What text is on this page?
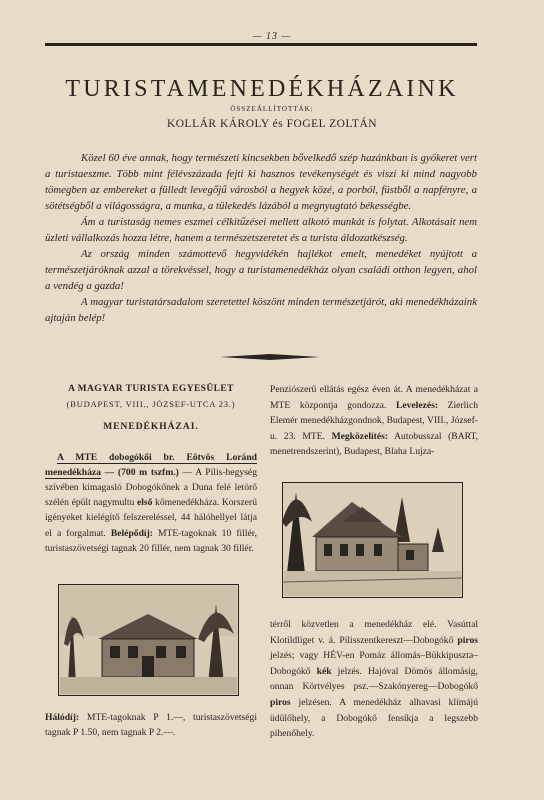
— 13 —
TURISTAMENEDÉKHÁZAINK
ÖSSZEÁLLÍTOTTÁK:
KOLLÁR KÁROLY és FOGEL ZOLTÁN

Közel 60 éve annak, hogy természeti kincsekben bővelkedő szép hazánkban is gyökeret vert a turistaeszme. Több mint félévszázada fejti ki hasznos tevékenységét és viszi ki mind nagyobb tömegben az embereket a fülledt levegőjű városból a hegyek közé, a porból, füstből a napfényre, a sötétségből a világosságra, a munka, a tülekedés lázából a megnyugtató békességbe.

Ám a turistaság nemes eszmei célkitűzései mellett alkotó munkát is folytat. Alkotásait nem üzleti vállalkozás hozza létre, hanem a természetszeretet és a turista áldozatkészség.

Az ország minden számottevő hegyvidékén hajlékot emelt, menedéket nyújtott a természetjáróknak azzal a törekvéssel, hogy a turistamenedékház olyan családi otthon legyen, ahol a vendég a gazda!

A magyar turistatársadalom szeretettel köszönt minden természetjárót, aki menedékházaink ajtaján belép!

A MAGYAR TURISTA EGYESÜLET
(BUDAPEST, VIII., JÓZSEF-UTCA 23.)
MENEDÉKHÁZAI.

A MTE dobogókői br. Eötvös Loránd menedékháza — (700 m tszfm.) — A Pilis-hegység szívében kimagasló Dobogókőnek a Duna felé letörő szélén épült nagymultu első kőmenedékháza. Korszerű igényeket kielégítő felszereléssel, 44 hálóhellyel látja el a forgalmat. Belépődíj: MTE-tagoknak 10 fillér, turistaszövetségi tagnak 20 fillér, nem tagnak 30 fillér.

Hálódíj: MTE-tagoknak P 1.—, turistaszövetségi tagnak P 1.50, nem tagnak P 2.—.
Penziószerű ellátás egész éven át. A menedékházat a MTE központja gondozza. Levelezés: Zierlich Elemér menedékházgondnok, Budapest, VIII., József-u. 23. MTE. Megközelítés: Autobusszal (BART, menetrendszerint), Budapest, Blaha Lujza-
térről közvetlen a menedékház elé. Vasúttal Klotildliget v. á. Pilisszentkereszt—Dobogókő piros jelzés; vagy HÉV-en Pomáz állomás–Bükkipuszta–Dobogókő kék jelzés. Hajóval Dömös állomásig, onnan Körtvélyes psz.—Szakónyereg—Dobogókő piros jelzésen. A menedékház alhavasi klímájú üdülőhely, a Dobogókő fensíkja a legszebb pihenőhely.
